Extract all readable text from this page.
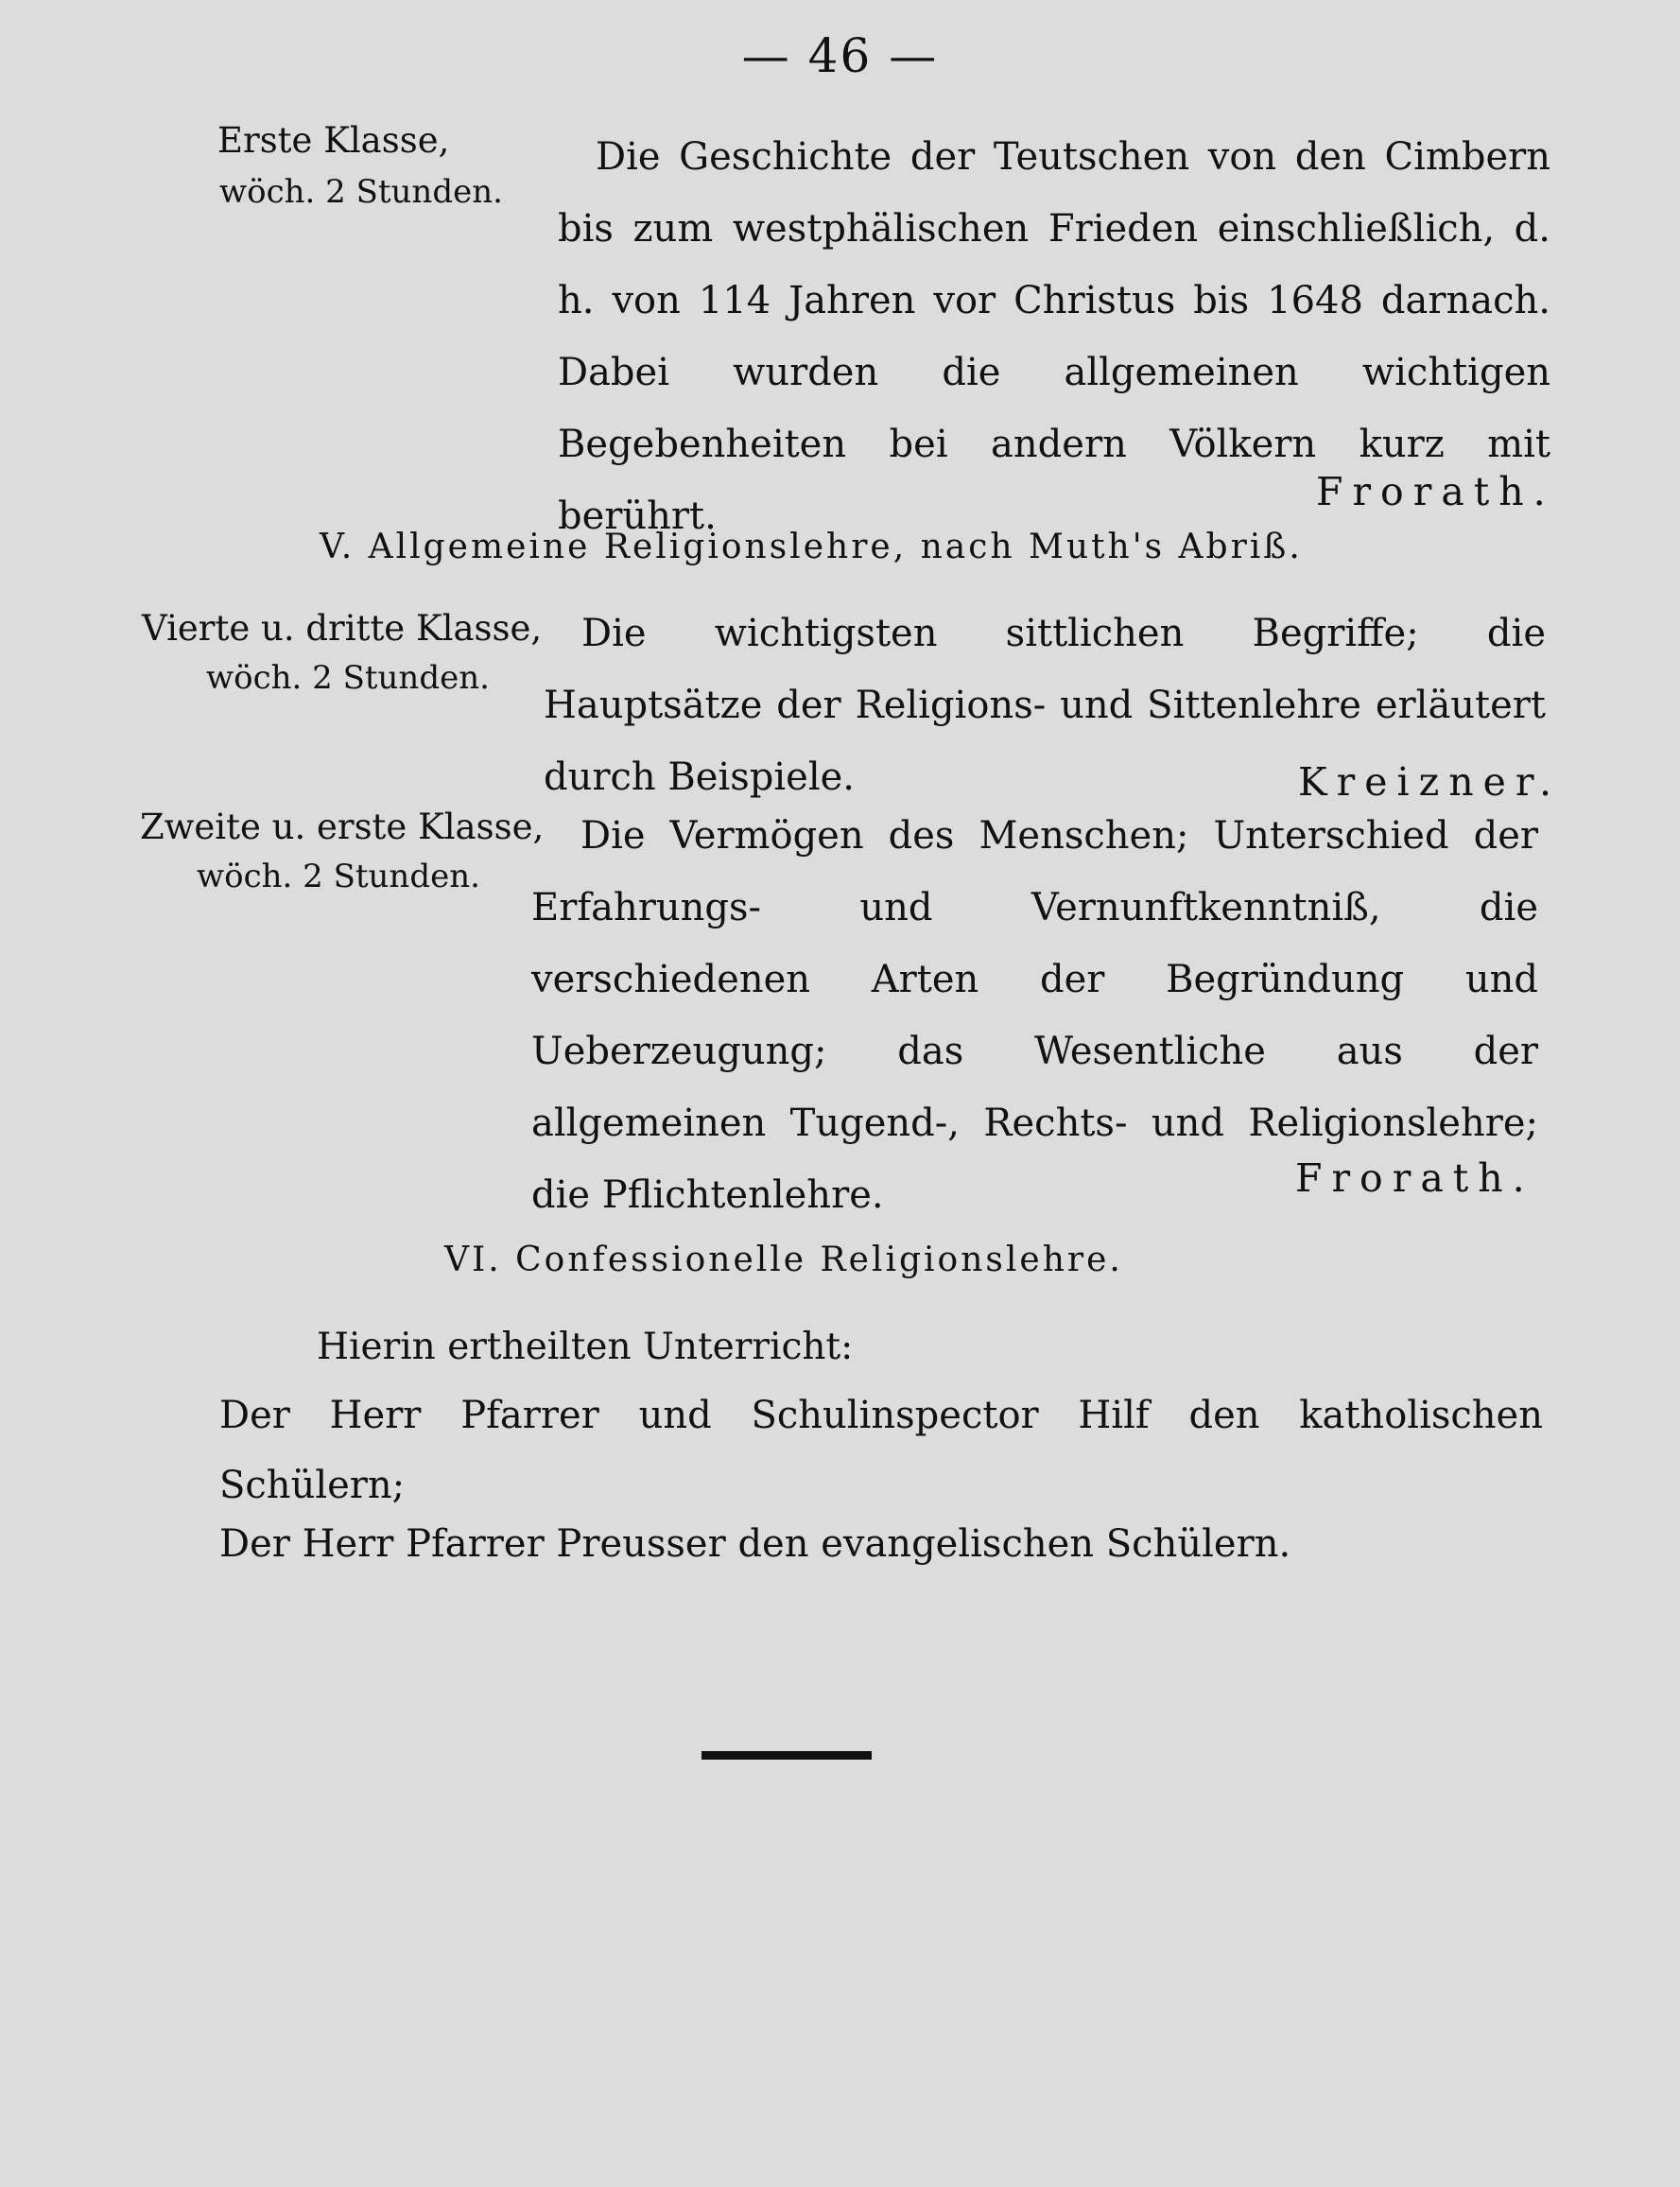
— 46 —
Erste Klasse,
wöch. 2 Stunden.
Die Geschichte der Teutschen von den Cimbern bis zum westphälischen Frieden einschließlich, d. h. von 114 Jahren vor Christus bis 1648 darnach. Dabei wurden die allgemeinen wichtigen Begebenheiten bei andern Völkern kurz mit berührt.
Frorath.
V. Allgemeine Religionslehre, nach Muth's Abriß.
Vierte u. dritte Klasse,
wöch. 2 Stunden.
Die wichtigsten sittlichen Begriffe; die Hauptsätze der Religions- und Sittenlehre erläutert durch Beispiele.	Kreizner.
Zweite u. erste Klasse,
wöch. 2 Stunden.
Die Vermögen des Menschen; Unterschied der Erfahrungs- und Vernunftkenntniß, die verschiedenen Arten der Begründung und Ueberzeugung; das Wesentliche aus der allgemeinen Tugend-, Rechts- und Religionslehre; die Pflichtenlehre.	Frorath.
VI. Confessionelle Religionslehre.
Hierin ertheilten Unterricht:
Der Herr Pfarrer und Schulinspector Hilf den katholischen Schülern;
Der Herr Pfarrer Preusser den evangelischen Schülern.
